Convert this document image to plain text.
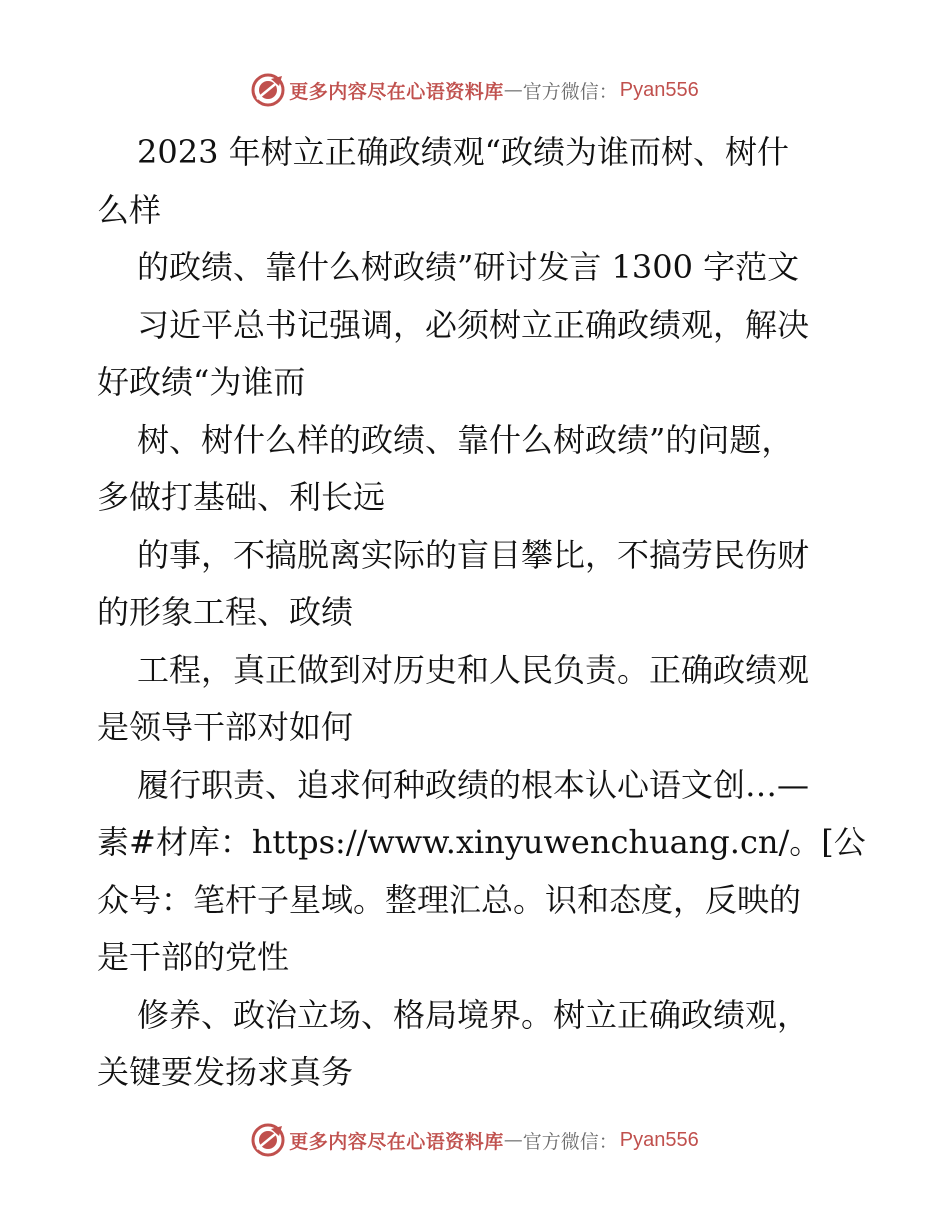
更多内容尽在心语资料库 — 官方微信： Pyan556
2023 年树立正确政绩观“政绩为谁而树、树什
么样
的政绩、靠什么树政绩”研讨发言 1300 字范文
习近平总书记强调，必须树立正确政绩观，解决
好政绩“为谁而
树、树什么样的政绩、靠什么树政绩”的问题，
多做打基础、利长远
的事，不搞脱离实际的盲目攀比，不搞劳民伤财
的形象工程、政绩
工程，真正做到对历史和人民负责。正确政绩观
是领导干部对如何
履行职责、追求何种政绩的根本认心语文创…—
素#材库：https://www.xinyuwenchuang.cn/。[公
众号：笔杆子星域。整理汇总。识和态度，反映的
是干部的党性
修养、政治立场、格局境界。树立正确政绩观，
关键要发扬求真务
更多内容尽在心语资料库 — 官方微信： Pyan556
